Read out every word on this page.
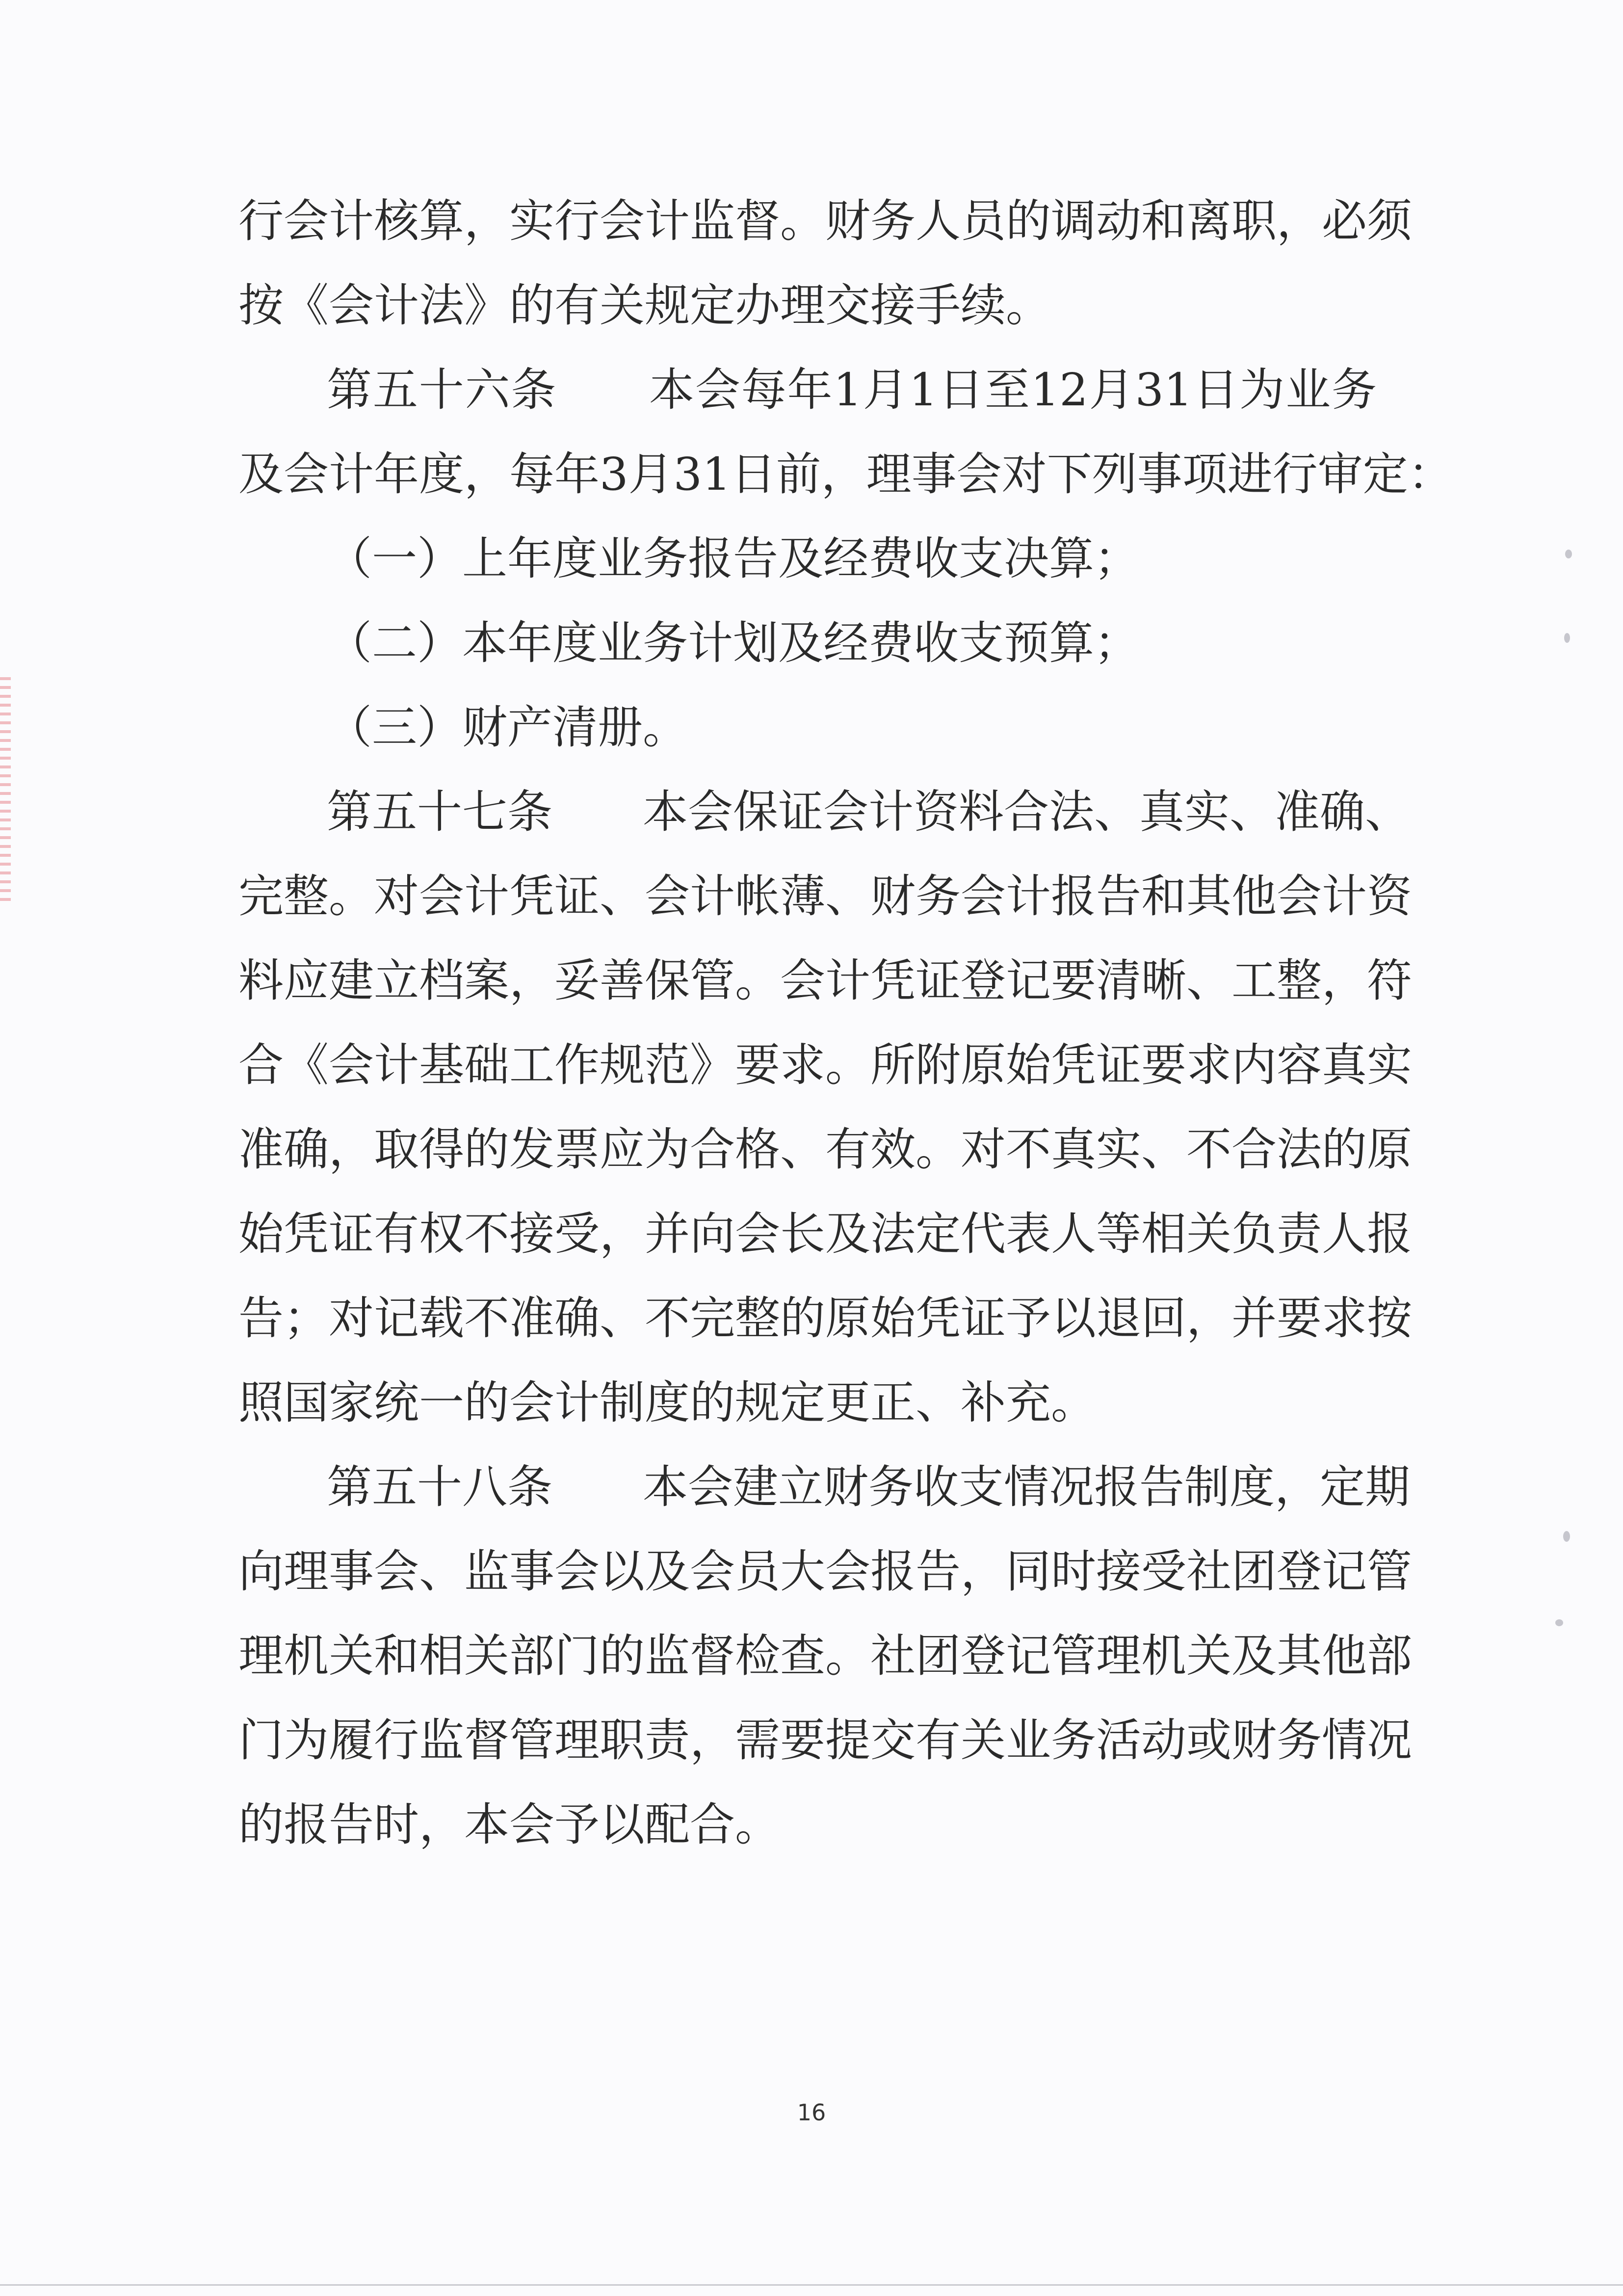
行会计核算，实行会计监督。财务人员的调动和离职，必须
按《会计法》的有关规定办理交接手续。
第五十六条　　本会每年1月1日至12月31日为业务
及会计年度，每年3月31日前，理事会对下列事项进行审定：
（一）上年度业务报告及经费收支决算；
（二）本年度业务计划及经费收支预算；
（三）财产清册。
第五十七条　　本会保证会计资料合法、真实、准确、
完整。对会计凭证、会计帐薄、财务会计报告和其他会计资
料应建立档案，妥善保管。会计凭证登记要清晰、工整，符
合《会计基础工作规范》要求。所附原始凭证要求内容真实
准确，取得的发票应为合格、有效。对不真实、不合法的原
始凭证有权不接受，并向会长及法定代表人等相关负责人报
告；对记载不准确、不完整的原始凭证予以退回，并要求按
照国家统一的会计制度的规定更正、补充。
第五十八条　　本会建立财务收支情况报告制度，定期
向理事会、监事会以及会员大会报告，同时接受社团登记管
理机关和相关部门的监督检查。社团登记管理机关及其他部
门为履行监督管理职责，需要提交有关业务活动或财务情况
的报告时，本会予以配合。
16
